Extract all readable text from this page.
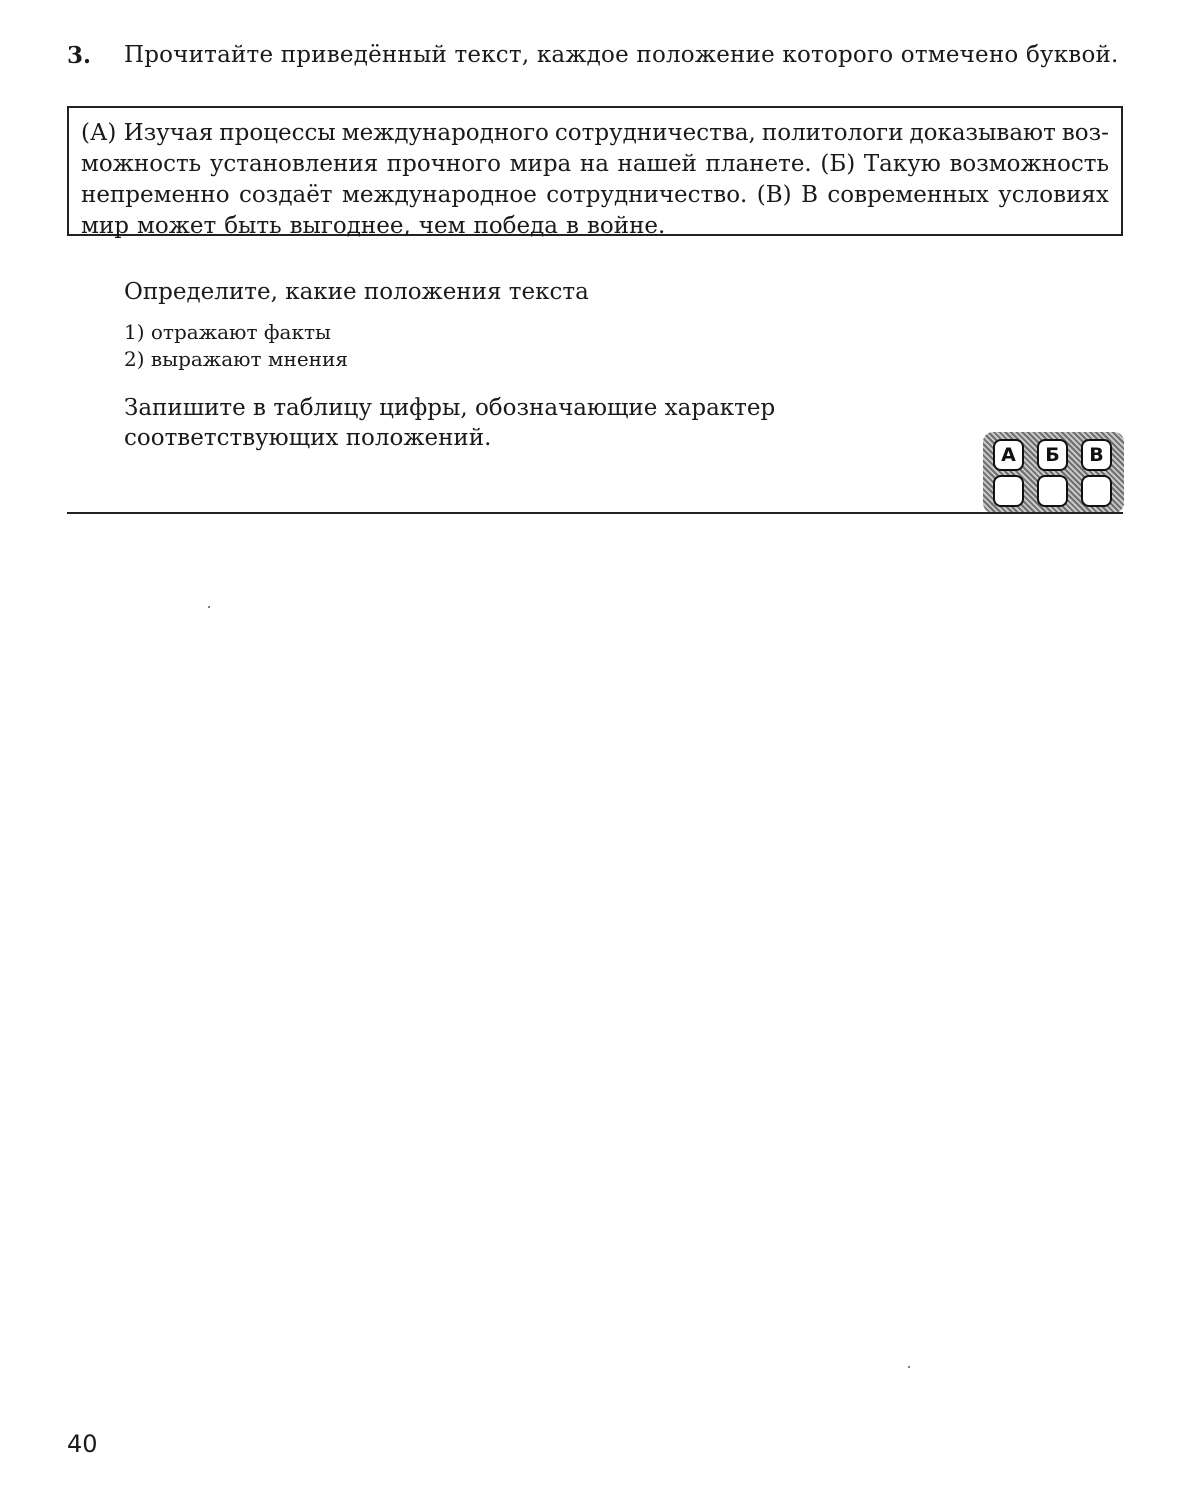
3. Прочитайте приведённый текст, каждое положение которого отмечено буквой.
(А) Изучая процессы международного сотрудничества, политологи доказывают воз-
можность установления прочного мира на нашей планете. (Б) Такую возможность
непременно создаёт международное сотрудничество. (В) В современных условиях
мир может быть выгоднее, чем победа в войне.
Определите, какие положения текста
1) отражают факты
2) выражают мнения
Запишите в таблицу цифры, обозначающие характер
соответствующих положений.
А	Б	В
40
